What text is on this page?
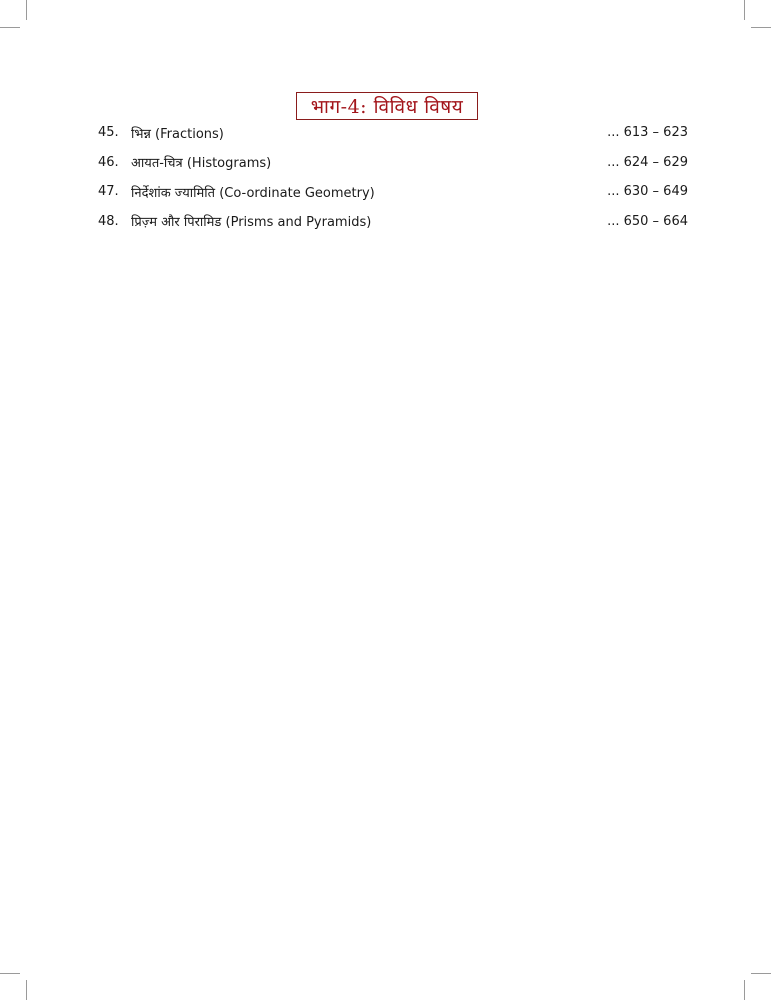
भाग-4: विविध विषय
45. भिन्न (Fractions)	... 613 – 623
46. आयत-चित्र (Histograms)	... 624 – 629
47. निर्देशांक ज्यामिति (Co-ordinate Geometry)	... 630 – 649
48. प्रिज़्म और पिरामिड (Prisms and Pyramids)	... 650 – 664
